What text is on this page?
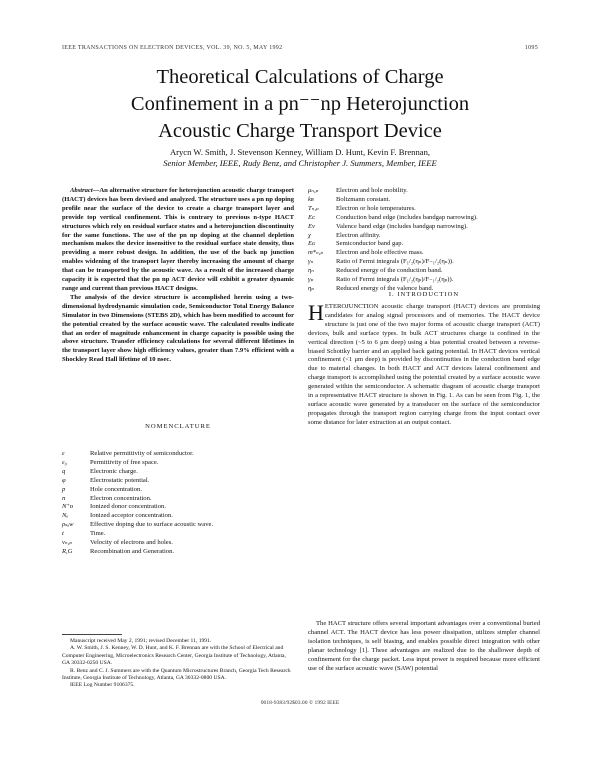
IEEE TRANSACTIONS ON ELECTRON DEVICES, VOL. 39, NO. 5, MAY 1992	1095
Theoretical Calculations of Charge
Confinement in a pn⁻⁻np Heterojunction
Acoustic Charge Transport Device
Arycn W. Smith, J. Stevenson Kenney, William D. Hunt, Kevin F. Brennan,
Senior Member, IEEE, Rudy Benz, and Christopher J. Summers, Member, IEEE

Abstract—An alternative structure for heterojunction acoustic charge transport (HACT) devices has been devised and analyzed. The structure uses a pn np doping profile near the surface of the device to create a charge transport layer and provide top vertical confinement. This is contrary to previous n-type HACT structures which rely on residual surface states and a heterojunction discontinuity for the same functions. The use of the pn np doping at the channel depletion mechanism makes the device insensitive to the residual surface state density, thus providing a more robust design. In addition, the use of the back np junction enables widening of the transport layer thereby increasing the amount of charge that can be transported by the acoustic wave. As a result of the increased charge capacity it is expected that the pn np ACT device will exhibit a greater dynamic range and current than previous HACT designs.

The analysis of the device structure is accomplished herein using a two-dimensional hydrodynamic simulation code, Semiconductor Total Energy Balance Simulator in two Dimensions (STEBS 2D), which has been modified to account for the potential created by the surface acoustic wave. The calculated results indicate that an order of magnitude enhancement in charge capacity is possible using the above structure. Transfer efficiency calculations for several different lifetimes in the transport layer show high efficiency values, greater than 7.9% efficient with a Shockley Read Hall lifetime of 10 nsec.

NOMENCLATURE
ε	Relative permittivity of semiconductor.
ε₀	Permittivity of free space.
q	Electronic charge.
φ	Electrostatic potential.
p	Hole concentration.
n	Electron concentration.
N⁺ᴅ	Ionized donor concentration.
Nₐ	Ionized acceptor concentration.
ρₛₐᴡ	Effective doping due to surface acoustic wave.
t	Time.
vₙ,ₚ	Velocity of electrons and holes.
R,G	Recombination and Generation.

Manuscript received May 2, 1991; revised December 11, 1991.

A. W. Smith, J. S. Kenney, W. D. Hunt, and K. F. Brennan are with the School of Electrical and Computer Engineering, Microelectronics Research Center, Georgia Institute of Technology, Atlanta, GA 30332-0250 USA.

R. Benz and C. J. Summers are with the Quantum Microstructures Branch, Georgia Tech Research Institute, Georgia Institute of Technology, Atlanta, GA 30332-0800 USA.

IEEE Log Number 9106375.

μₙ,ₚ	Electron and hole mobility.
kʙ	Boltzmann constant.
Tₙ,ₚ	Electron or hole temperatures.
Eᴄ	Conduction band edge (includes bandgap narrowing).
Eᴠ	Valence band edge (includes bandgap narrowing).
χ	Electron affinity.
Eɢ	Semiconductor band gap.
m*ₙ,ₚ	Electron and hole effective mass.
γₙ	Ratio of Fermi integrals (F₁/₂(ηₙ)/F₋₁/₂(ηₙ)).
ηₙ	Reduced energy of the conduction band.
γₚ	Ratio of Fermi integrals (F₁/₂(ηₚ)/F₋₁/₂(ηₚ)).
ηₚ	Reduced energy of the valence band.
I. INTRODUCTION

HETEROJUNCTION acoustic charge transport (HACT) devices are promising candidates for analog signal processors and of memories. The HACT device structure is just one of the two major forms of acoustic charge transport (ACT) devices, bulk and surface types. In bulk ACT structures charge is confined in the vertical direction (~5 to 6 μm deep) using a bias potential created between a reverse-biased Schottky barrier and an applied back gating potential. In HACT devices vertical confinement (<1 μm deep) is provided by discontinuities in the conduction band edge due to material changes. In both HACT and ACT devices lateral confinement and charge transport is accomplished using the potential created by a surface acoustic wave generated within the semiconductor. A schematic diagram of acoustic charge transport in a representative HACT structure is shown in Fig. 1. As can be seen from Fig. 1, the surface acoustic wave generated by a transducer on the surface of the semiconductor propagates through the transport region carrying charge from the input contact over some distance for later extraction at an output contact.

The HACT structure offers several important advantages over a conventional buried channel ACT. The HACT device has less power dissipation, utilizes simpler channel isolation techniques, is self biasing, and enables possible direct integration with other planar technology [1]. These advantages are realized due to the shallower depth of confinement for the charge packet. Less input power is required because more efficient use of the surface acoustic wave (SAW) potential

0018-9383/92$03.00 © 1992 IEEE
